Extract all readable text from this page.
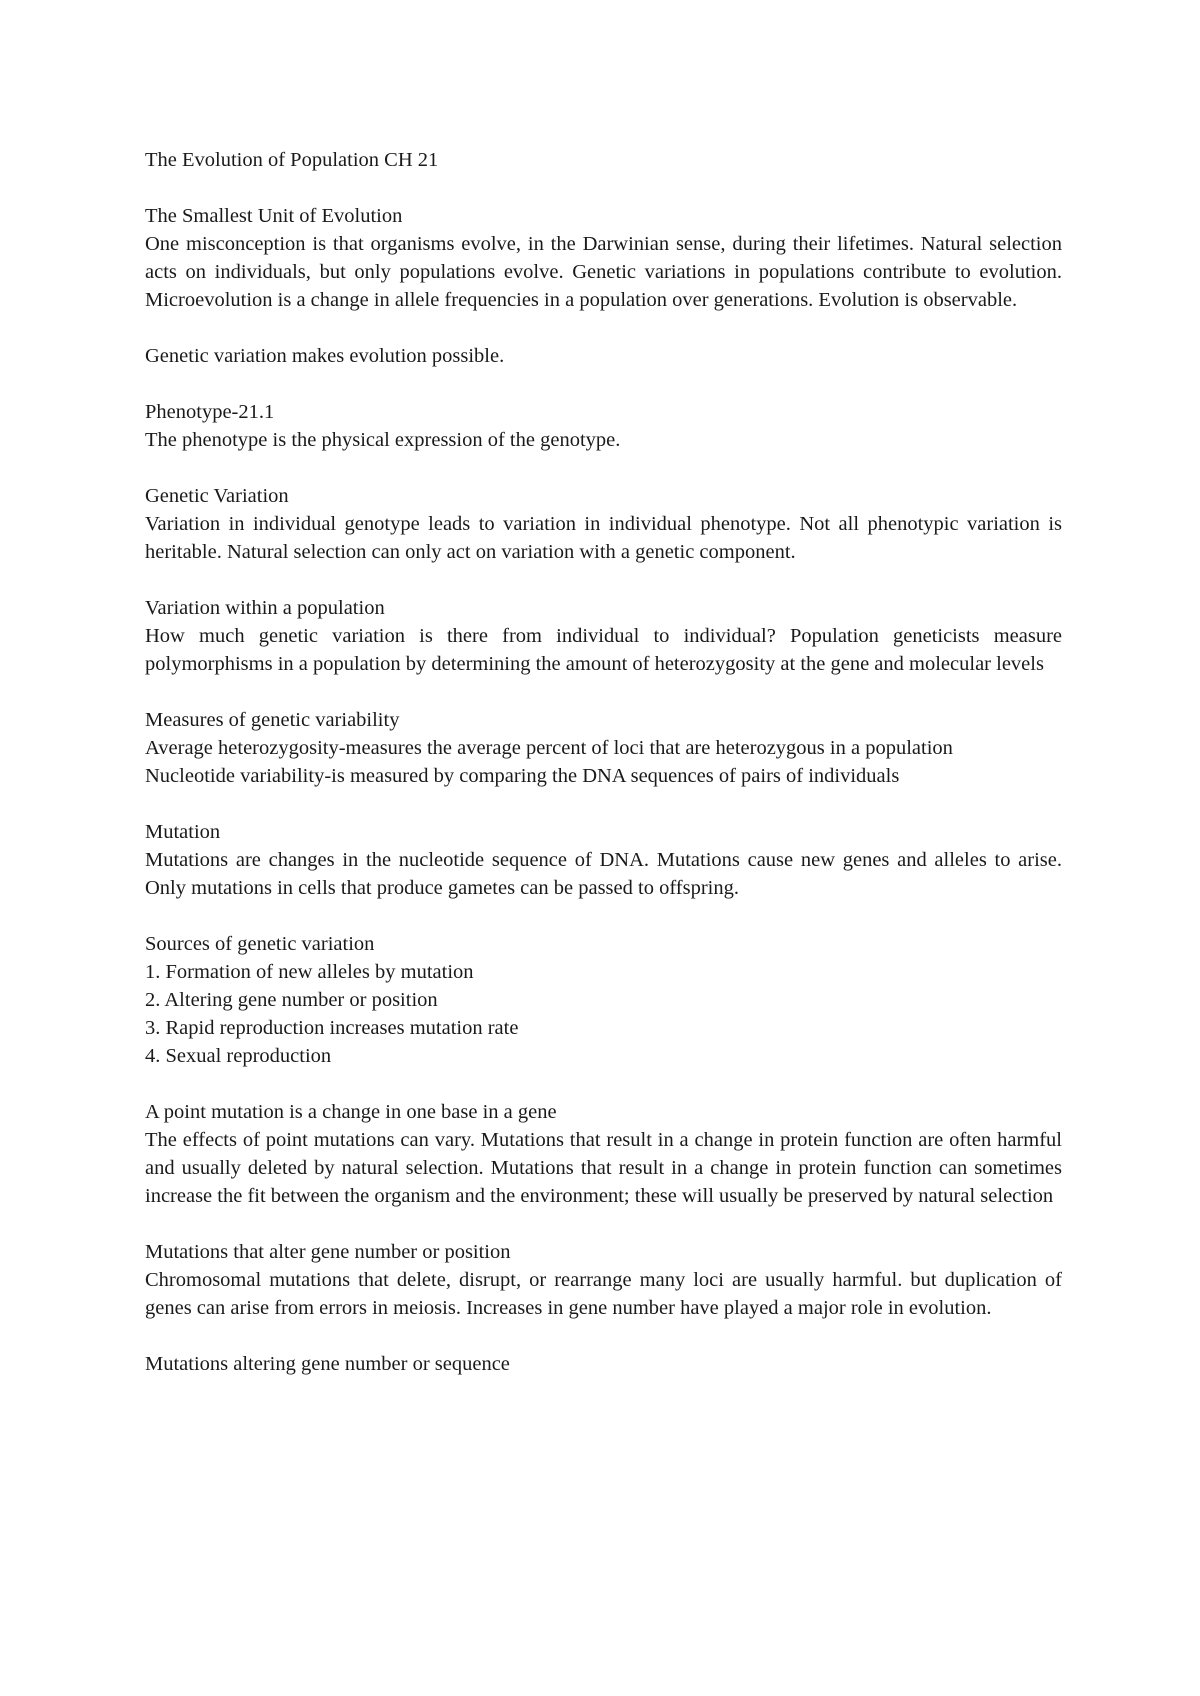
The Evolution of Population CH 21
The Smallest Unit of Evolution

One misconception is that organisms evolve, in the Darwinian sense, during their lifetimes. Natural selection acts on individuals, but only populations evolve. Genetic variations in populations contribute to evolution. Microevolution is a change in allele frequencies in a population over generations. Evolution is observable.

Genetic variation makes evolution possible.
Phenotype-21.1

The phenotype is the physical expression of the genotype.

Genetic Variation

Variation in individual genotype leads to variation in individual phenotype. Not all phenotypic variation is heritable. Natural selection can only act on variation with a genetic component.

Variation within a population

How much genetic variation is there from individual to individual? Population geneticists measure polymorphisms in a population by determining the amount of heterozygosity at the gene and molecular levels

Measures of genetic variability

Average heterozygosity-measures the average percent of loci that are heterozygous in a population

Nucleotide variability-is measured by comparing the DNA sequences of pairs of individuals

Mutation

Mutations are changes in the nucleotide sequence of DNA. Mutations cause new genes and alleles to arise. Only mutations in cells that produce gametes can be passed to offspring.

Sources of genetic variation
1. Formation of new alleles by mutation
2. Altering gene number or position
3. Rapid reproduction increases mutation rate
4. Sexual reproduction
A point mutation is a change in one base in a gene

The effects of point mutations can vary. Mutations that result in a change in protein function are often harmful and usually deleted by natural selection. Mutations that result in a change in protein function can sometimes increase the fit between the organism and the environment; these will usually be preserved by natural selection

Mutations that alter gene number or position

Chromosomal mutations that delete, disrupt, or rearrange many loci are usually harmful. but duplication of genes can arise from errors in meiosis. Increases in gene number have played a major role in evolution.

Mutations altering gene number or sequence
